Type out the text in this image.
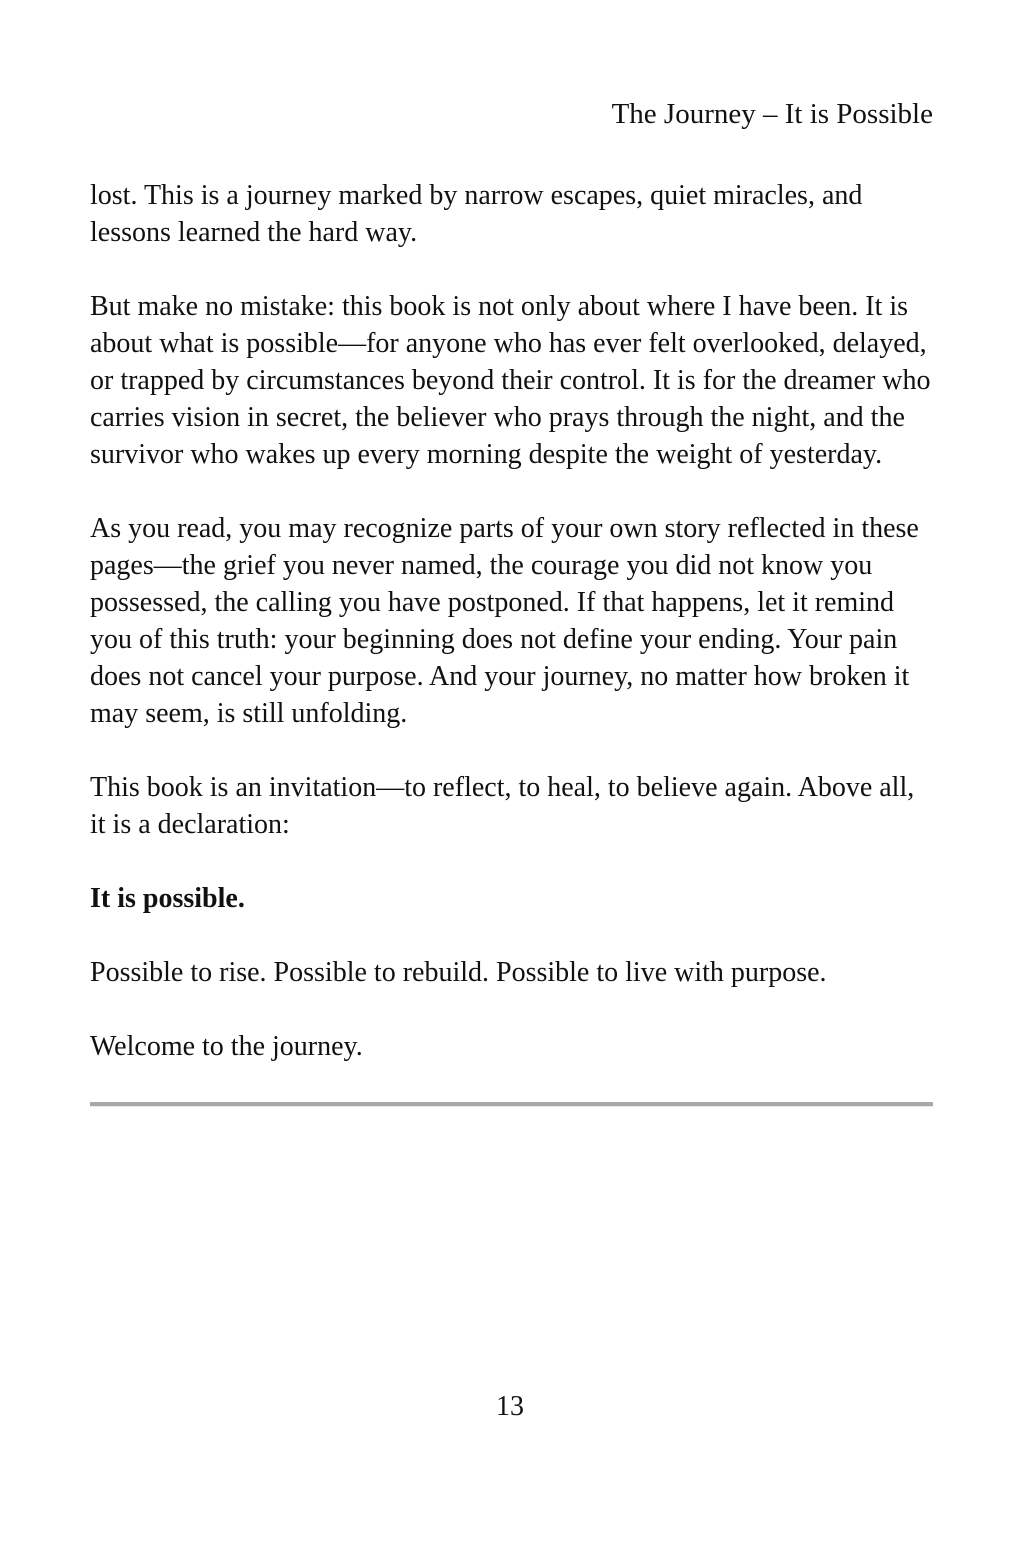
The Journey – It is Possible
lost. This is a journey marked by narrow escapes, quiet miracles, and lessons learned the hard way.
But make no mistake: this book is not only about where I have been. It is about what is possible—for anyone who has ever felt overlooked, delayed, or trapped by circumstances beyond their control. It is for the dreamer who carries vision in secret, the believer who prays through the night, and the survivor who wakes up every morning despite the weight of yesterday.
As you read, you may recognize parts of your own story reflected in these pages—the grief you never named, the courage you did not know you possessed, the calling you have postponed. If that happens, let it remind you of this truth: your beginning does not define your ending. Your pain does not cancel your purpose. And your journey, no matter how broken it may seem, is still unfolding.
This book is an invitation—to reflect, to heal, to believe again. Above all, it is a declaration:
It is possible.
Possible to rise. Possible to rebuild. Possible to live with purpose.
Welcome to the journey.
13
